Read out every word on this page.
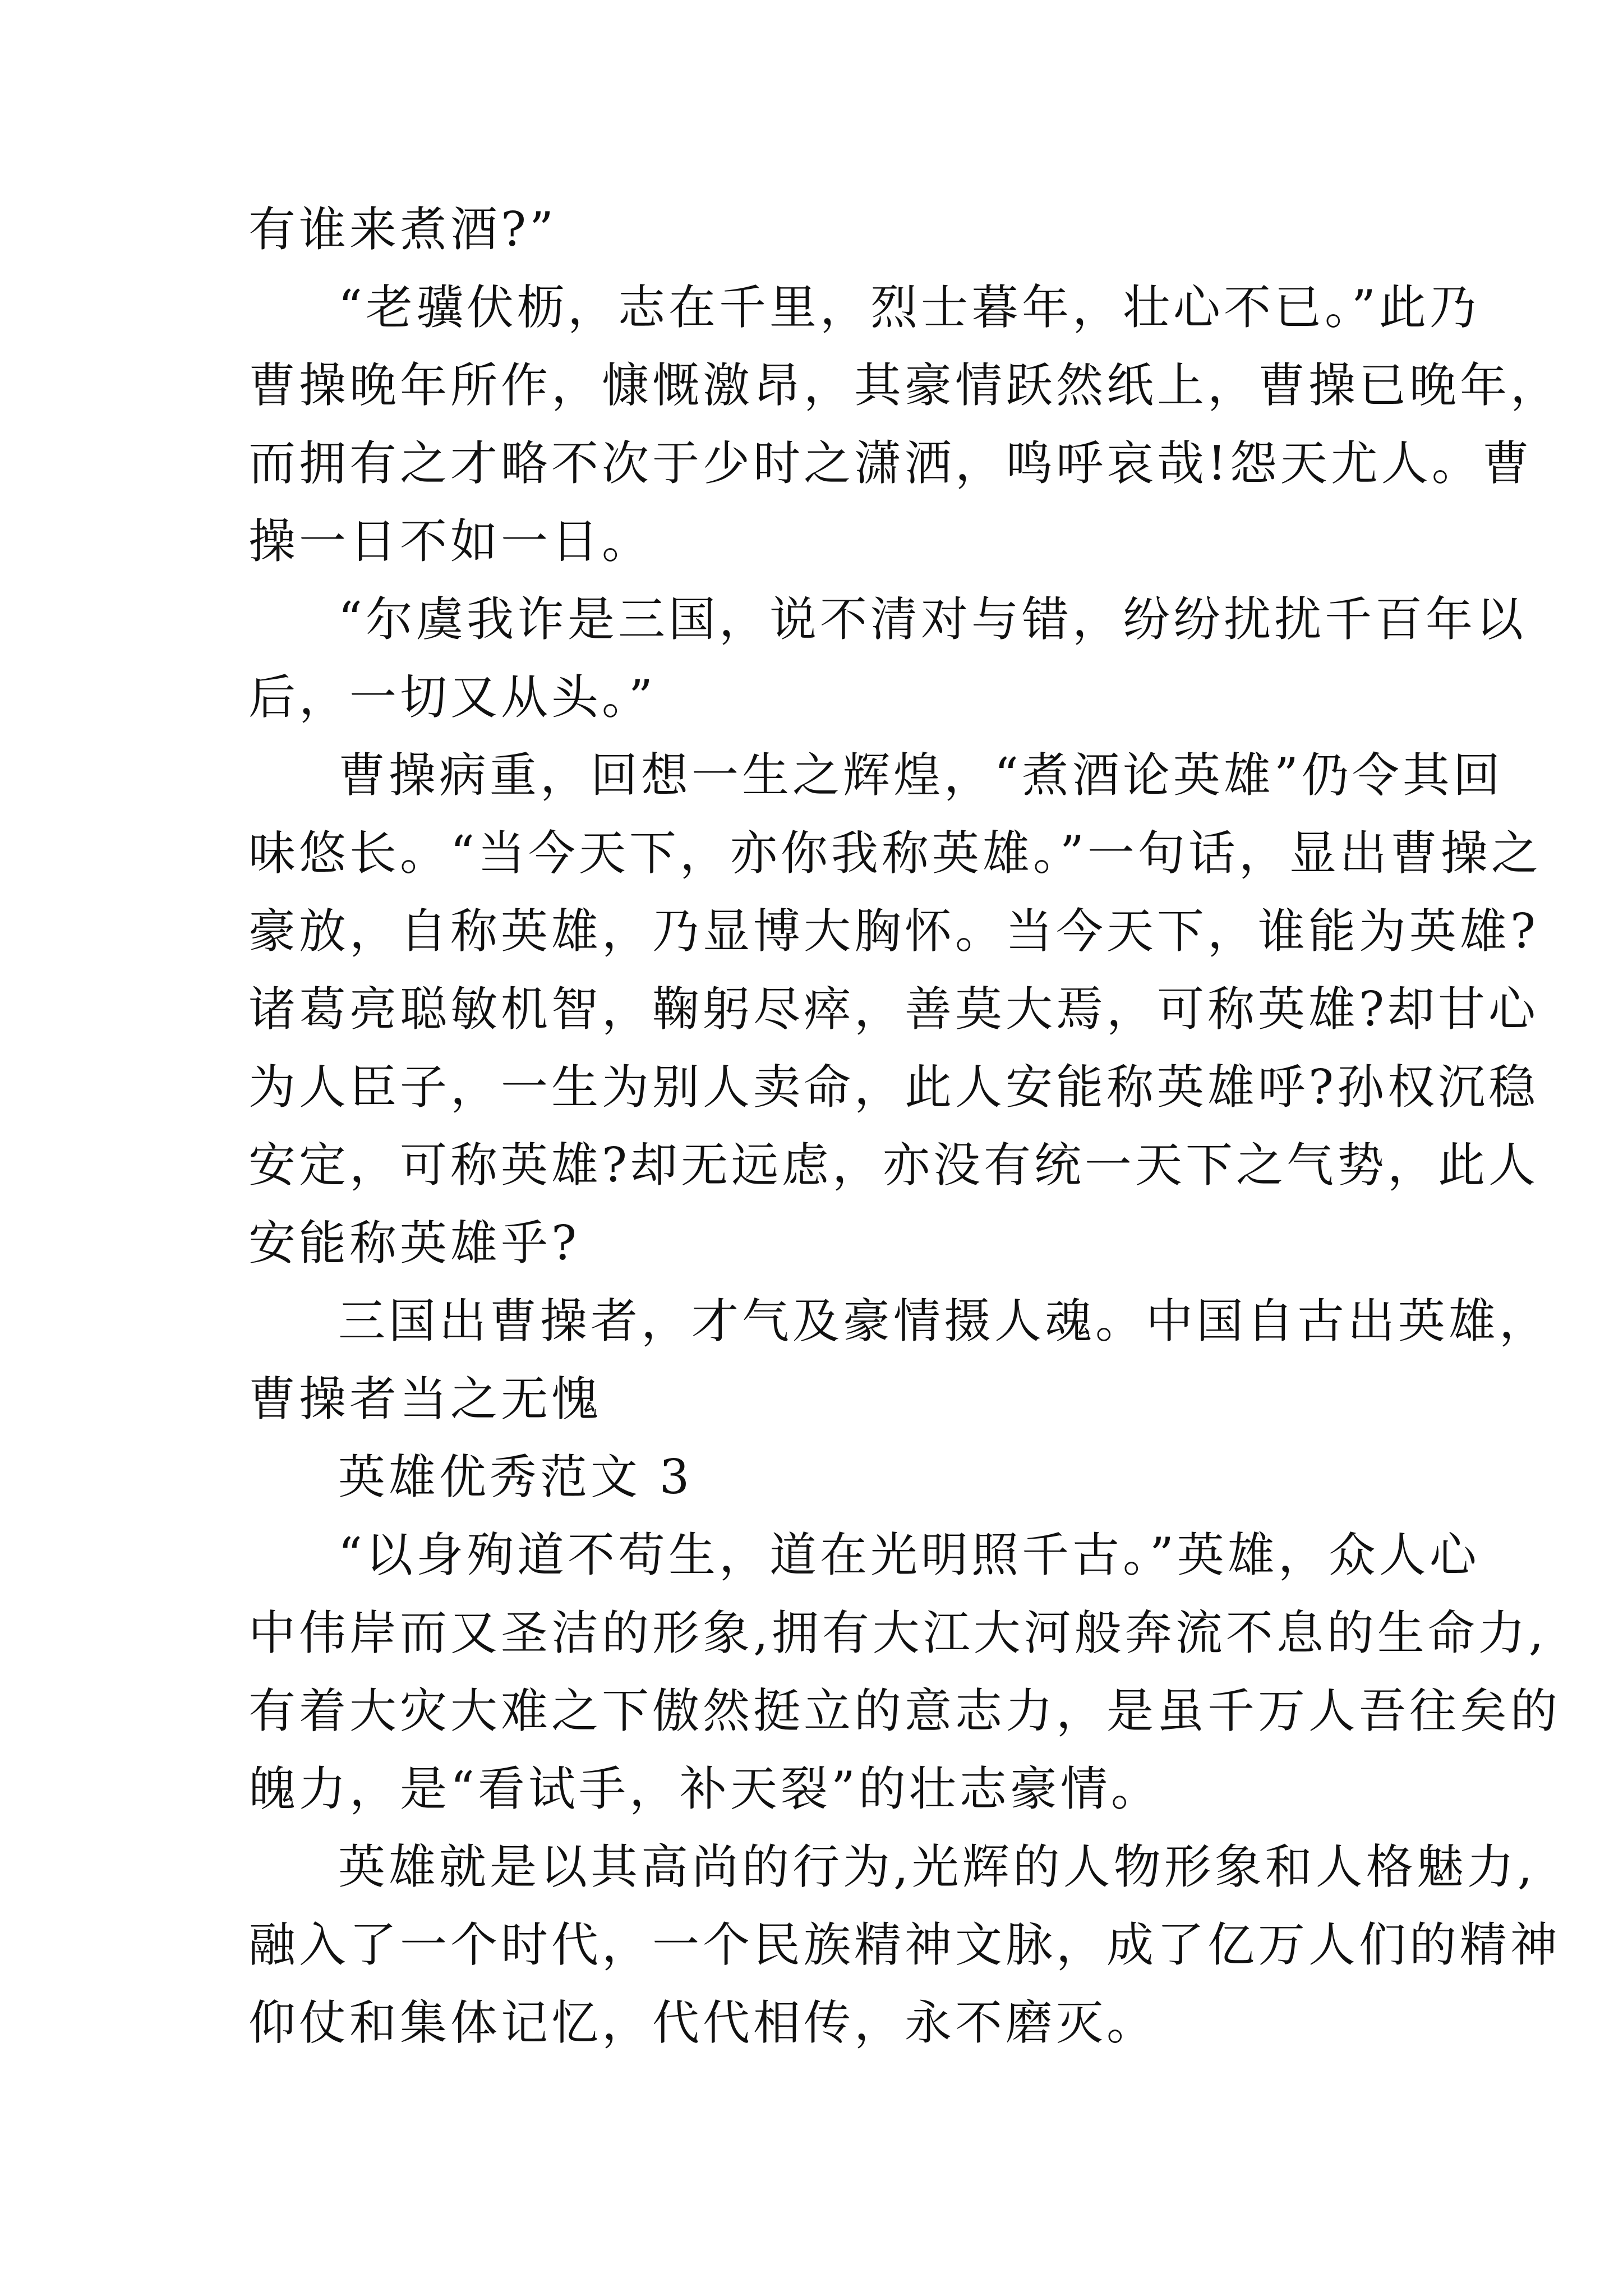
有谁来煮酒?”
“老骥伏枥，志在千里，烈士暮年，壮心不已。”此乃
曹操晚年所作，慷慨激昂，其豪情跃然纸上，曹操已晚年，
而拥有之才略不次于少时之潇洒，鸣呼哀哉!怨天尤人。曹
操一日不如一日。
“尔虞我诈是三国，说不清对与错，纷纷扰扰千百年以
后，一切又从头。”
曹操病重，回想一生之辉煌，“煮酒论英雄”仍令其回
味悠长。“当今天下，亦你我称英雄。”一句话，显出曹操之
豪放，自称英雄，乃显博大胸怀。当今天下，谁能为英雄?
诸葛亮聪敏机智，鞠躬尽瘁，善莫大焉，可称英雄?却甘心
为人臣子，一生为别人卖命，此人安能称英雄呼?孙权沉稳
安定，可称英雄?却无远虑，亦没有统一天下之气势，此人
安能称英雄乎?
三国出曹操者，才气及豪情摄人魂。中国自古出英雄，
曹操者当之无愧
英雄优秀范文 3
“以身殉道不苟生，道在光明照千古。”英雄，众人心
中伟岸而又圣洁的形象,拥有大江大河般奔流不息的生命力,
有着大灾大难之下傲然挺立的意志力，是虽千万人吾往矣的
魄力，是“看试手，补天裂”的壮志豪情。
英雄就是以其高尚的行为,光辉的人物形象和人格魅力,
融入了一个时代，一个民族精神文脉，成了亿万人们的精神
仰仗和集体记忆，代代相传，永不磨灭。
